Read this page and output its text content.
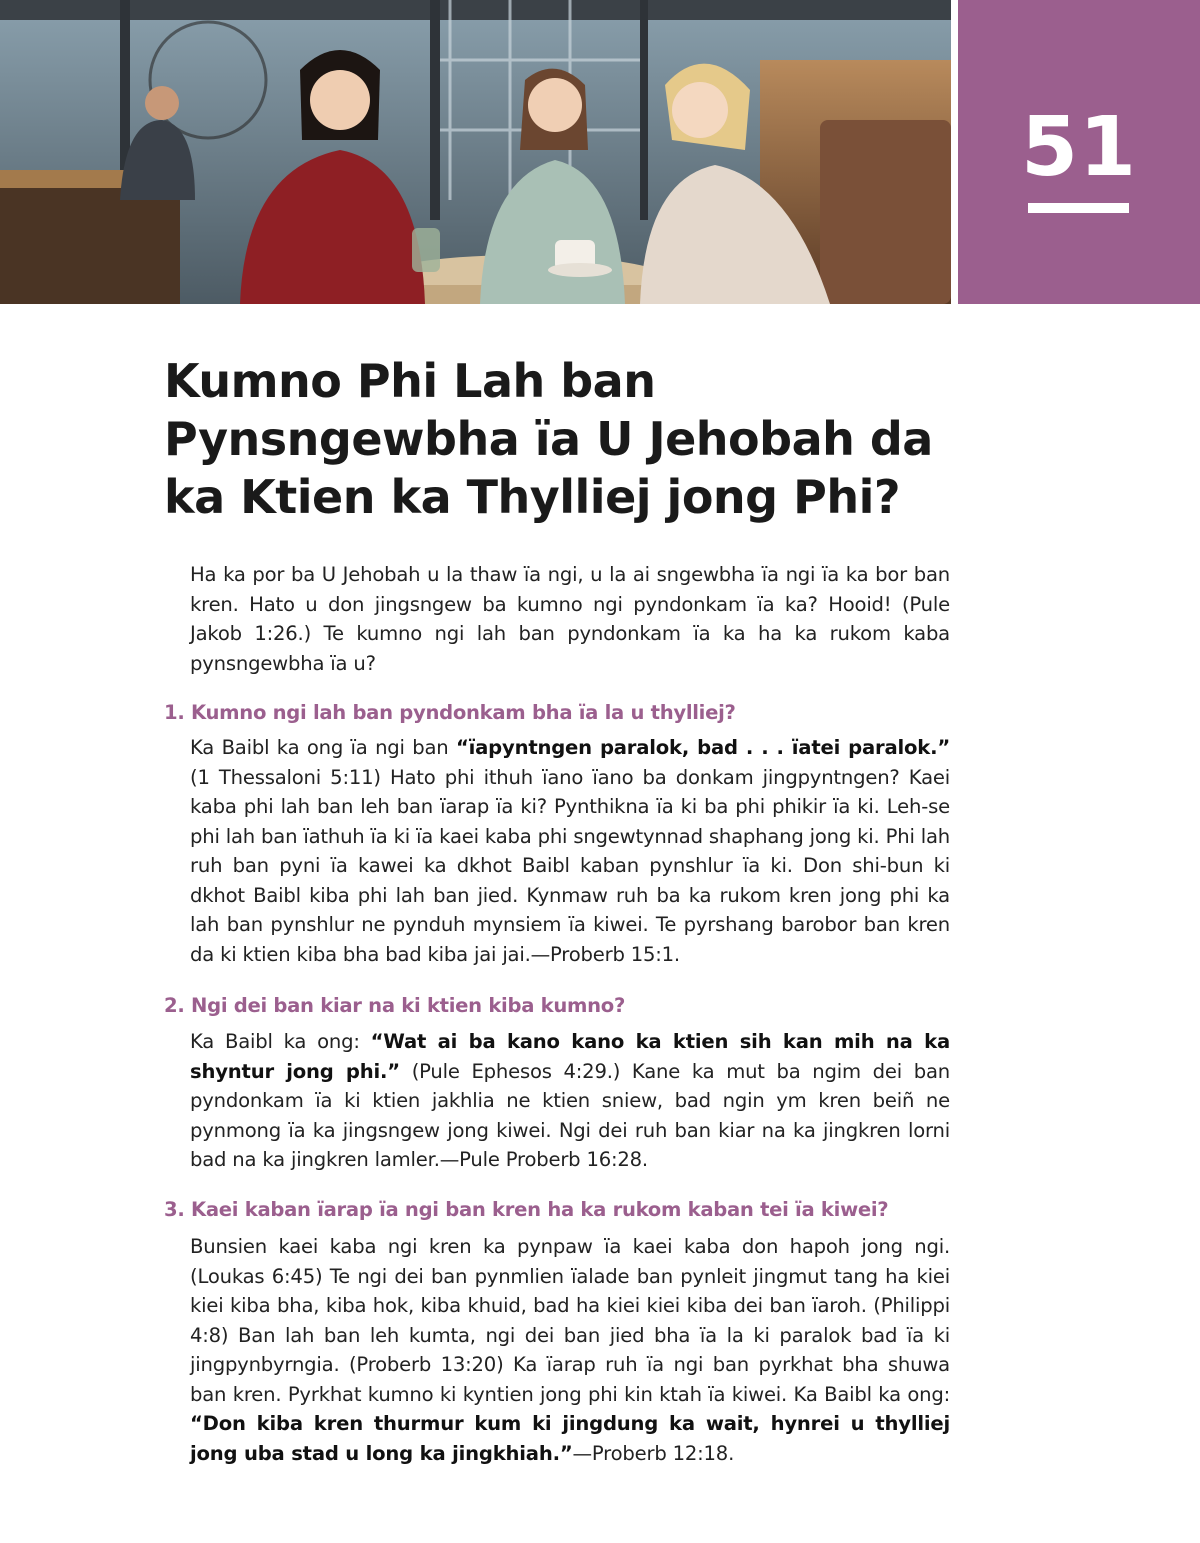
51
Kumno Phi Lah ban Pynsngewbha ïa U Jehobah da ka Ktien ka Thylliej jong Phi?

Ha ka por ba U Jehobah u la thaw ïa ngi, u la ai sngewbha ïa ngi ïa ka bor ban kren. Hato u don jingsngew ba kumno ngi pyndonkam ïa ka? Hooid! (Pule Jakob 1:26.) Te kumno ngi lah ban pyndonkam ïa ka ha ka rukom kaba pynsngewbha ïa u?

1. Kumno ngi lah ban pyndonkam bha ïa la u thylliej?

Ka Baibl ka ong ïa ngi ban “ïapyntngen paralok, bad . . . ïatei paralok.” (1 Thessaloni 5:11) Hato phi ithuh ïano ïano ba donkam jingpyntngen? Kaei kaba phi lah ban leh ban ïarap ïa ki? Pynthikna ïa ki ba phi phikir ïa ki. Leh-se phi lah ban ïathuh ïa ki ïa kaei kaba phi sngewtynnad shaphang jong ki. Phi lah ruh ban pyni ïa kawei ka dkhot Baibl kaban pynshlur ïa ki. Don shi-bun ki dkhot Baibl kiba phi lah ban jied. Kynmaw ruh ba ka rukom kren jong phi ka lah ban pynshlur ne pynduh mynsiem ïa kiwei. Te pyrshang barobor ban kren da ki ktien kiba bha bad kiba jai jai.—Proberb 15:1.

2. Ngi dei ban kiar na ki ktien kiba kumno?

Ka Baibl ka ong: “Wat ai ba kano kano ka ktien sih kan mih na ka shyntur jong phi.” (Pule Ephesos 4:29.) Kane ka mut ba ngim dei ban pyndonkam ïa ki ktien jakhlia ne ktien sniew, bad ngin ym kren beiñ ne pynmong ïa ka jingsngew jong kiwei. Ngi dei ruh ban kiar na ka jingkren lorni bad na ka jingkren lamler.—Pule Proberb 16:28.

3. Kaei kaban ïarap ïa ngi ban kren ha ka rukom kaban tei ïa kiwei?

Bunsien kaei kaba ngi kren ka pynpaw ïa kaei kaba don hapoh jong ngi. (Loukas 6:45) Te ngi dei ban pynmlien ïalade ban pynleit jingmut tang ha kiei kiei kiba bha, kiba hok, kiba khuid, bad ha kiei kiei kiba dei ban ïaroh. (Philippi 4:8) Ban lah ban leh kumta, ngi dei ban jied bha ïa la ki paralok bad ïa ki jingpynbyrngia. (Proberb 13:20) Ka ïarap ruh ïa ngi ban pyrkhat bha shuwa ban kren. Pyrkhat kumno ki kyntien jong phi kin ktah ïa kiwei. Ka Baibl ka ong: “Don kiba kren thurmur kum ki jingdung ka wait, hynrei u thylliej jong uba stad u long ka jingkhiah.”—Proberb 12:18.
